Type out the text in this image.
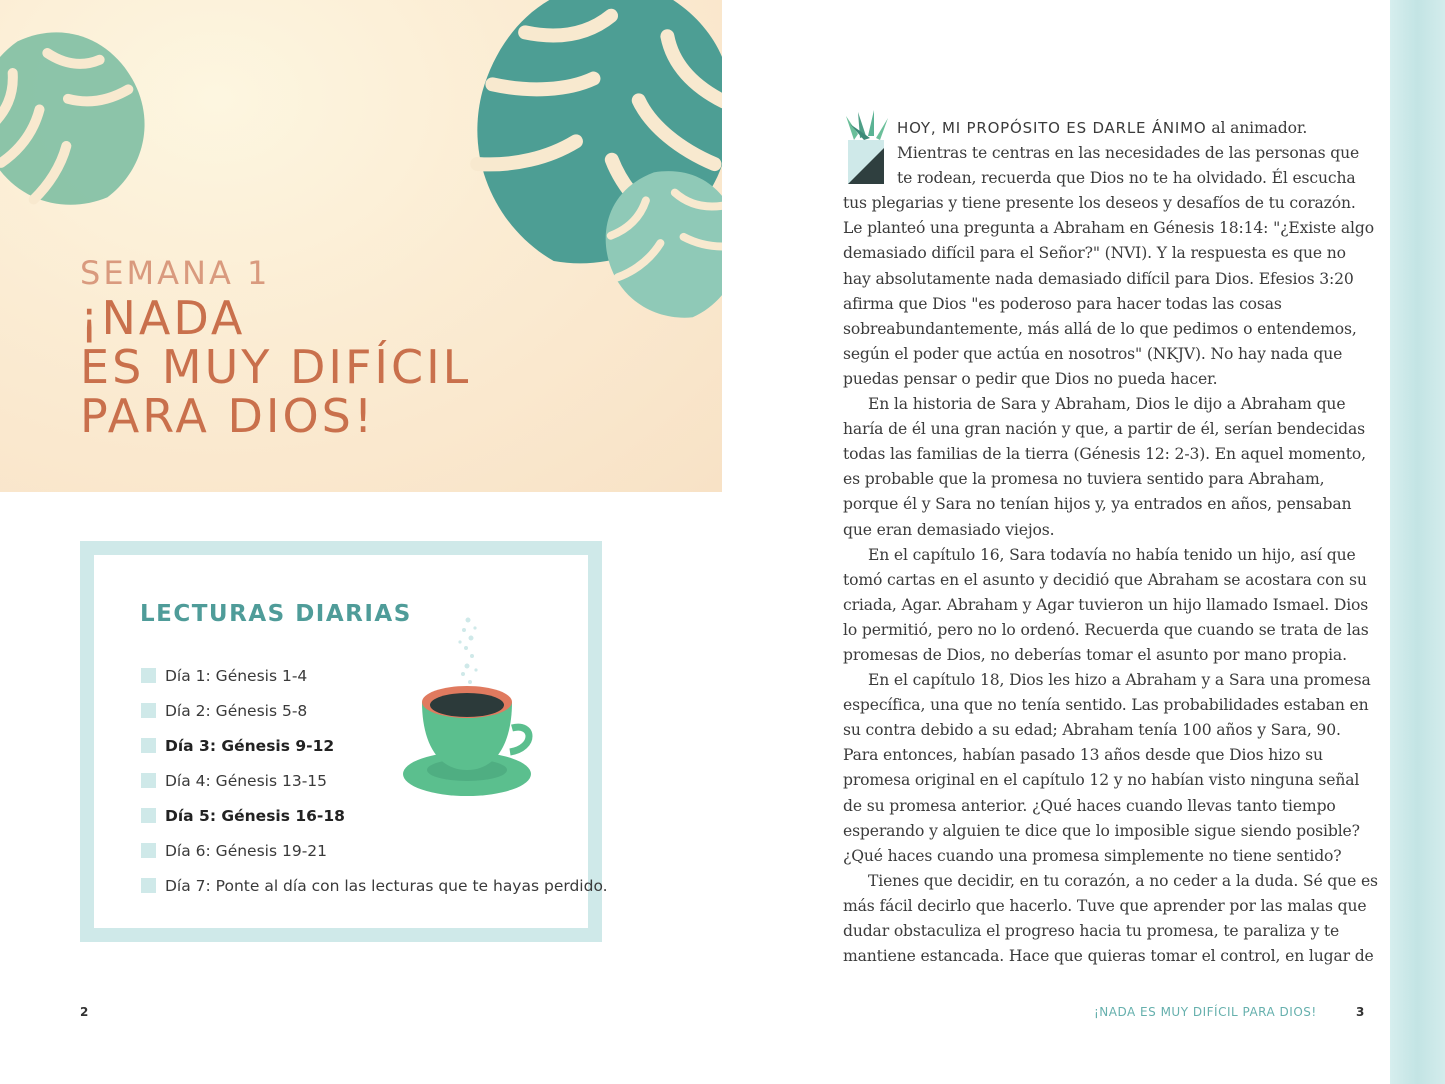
SEMANA 1
¡NADA
ES MUY DIFÍCIL
PARA DIOS!
LECTURAS DIARIAS
Día 1: Génesis 1-4
Día 2: Génesis 5-8
Día 3: Génesis 9-12
Día 4: Génesis 13-15
Día 5: Génesis 16-18
Día 6: Génesis 19-21
Día 7: Ponte al día con las lecturas que te hayas perdido.
2

HOY, MI PROPÓSITO ES DARLE ÁNIMO al animador.
Mientras te centras en las necesidades de las personas que
te rodean, recuerda que Dios no te ha olvidado. Él escucha
tus plegarias y tiene presente los deseos y desafíos de tu corazón.
Le planteó una pregunta a Abraham en Génesis 18:14: "¿Existe algo
demasiado difícil para el Señor?" (NVI). Y la respuesta es que no
hay absolutamente nada demasiado difícil para Dios. Efesios 3:20
afirma que Dios "es poderoso para hacer todas las cosas
sobreabundantemente, más allá de lo que pedimos o entendemos,
según el poder que actúa en nosotros" (NKJV). No hay nada que
puedas pensar o pedir que Dios no pueda hacer.

En la historia de Sara y Abraham, Dios le dijo a Abraham que
haría de él una gran nación y que, a partir de él, serían bendecidas
todas las familias de la tierra (Génesis 12: 2-3). En aquel momento,
es probable que la promesa no tuviera sentido para Abraham,
porque él y Sara no tenían hijos y, ya entrados en años, pensaban
que eran demasiado viejos.

En el capítulo 16, Sara todavía no había tenido un hijo, así que
tomó cartas en el asunto y decidió que Abraham se acostara con su
criada, Agar. Abraham y Agar tuvieron un hijo llamado Ismael. Dios
lo permitió, pero no lo ordenó. Recuerda que cuando se trata de las
promesas de Dios, no deberías tomar el asunto por mano propia.

En el capítulo 18, Dios les hizo a Abraham y a Sara una promesa
específica, una que no tenía sentido. Las probabilidades estaban en
su contra debido a su edad; Abraham tenía 100 años y Sara, 90.
Para entonces, habían pasado 13 años desde que Dios hizo su
promesa original en el capítulo 12 y no habían visto ninguna señal
de su promesa anterior. ¿Qué haces cuando llevas tanto tiempo
esperando y alguien te dice que lo imposible sigue siendo posible?
¿Qué haces cuando una promesa simplemente no tiene sentido?

Tienes que decidir, en tu corazón, a no ceder a la duda. Sé que es
más fácil decirlo que hacerlo. Tuve que aprender por las malas que
dudar obstaculiza el progreso hacia tu promesa, te paraliza y te
mantiene estancada. Hace que quieras tomar el control, en lugar de

¡NADA ES MUY DIFÍCIL PARA DIOS!	3
